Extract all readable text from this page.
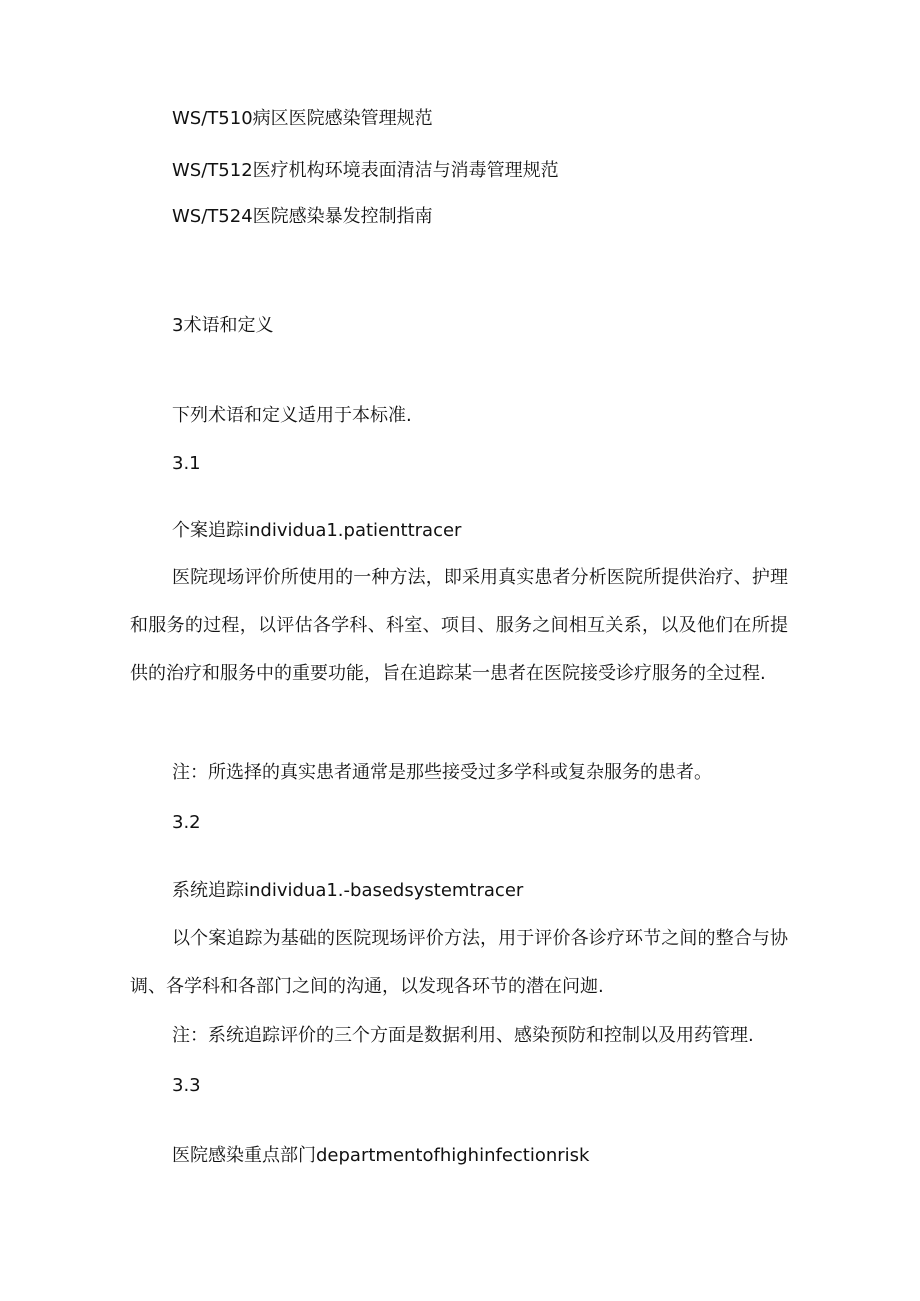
WS/T510病区医院感染管理规范
WS/T512医疗机构环境表面清洁与消毒管理规范
WS/T524医院感染暴发控制指南
3术语和定义
下列术语和定义适用于本标准.
3.1
个案追踪individua1.patienttracer
医院现场评价所使用的一种方法，即采用真实患者分析医院所提供治疗、护理和服务的过程，以评估各学科、科室、项目、服务之间相互关系，以及他们在所提供的治疗和服务中的重要功能，旨在追踪某一患者在医院接受诊疗服务的全过程.
注：所选择的真实患者通常是那些接受过多学科或复杂服务的患者。
3.2
系统追踪individua1.-basedsystemtracer
以个案追踪为基础的医院现场评价方法，用于评价各诊疗环节之间的整合与协调、各学科和各部门之间的沟通，以发现各环节的潜在问迦.
注：系统追踪评价的三个方面是数据利用、感染预防和控制以及用药管理.
3.3
医院感染重点部门departmentofhighinfectionrisk
